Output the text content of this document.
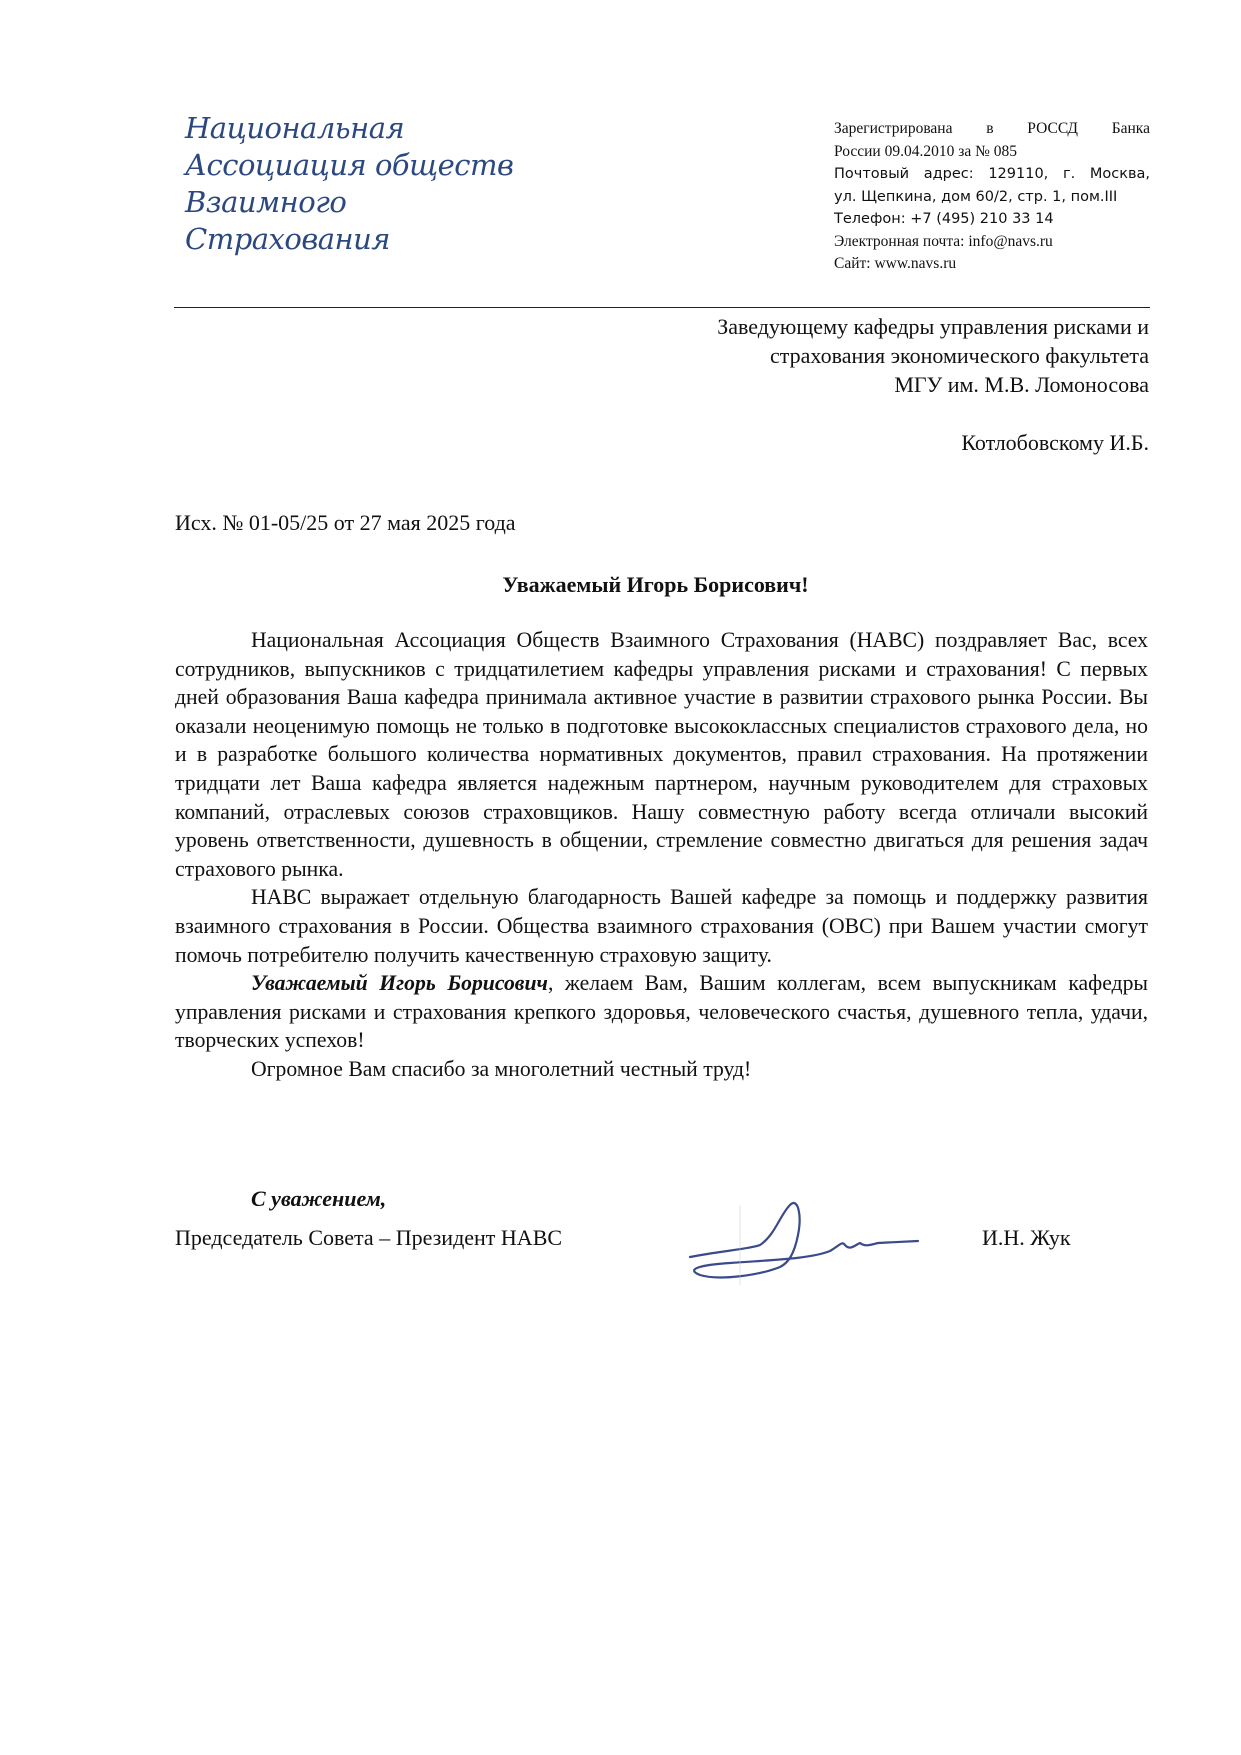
Национальная
Ассоциация обществ
Взаимного
Страхования
Зарегистрирована в РОССД Банка
России 09.04.2010 за № 085
Почтовый адрес: 129110, г. Москва,
ул. Щепкина, дом 60/2, стр. 1, пом.III
Телефон: +7 (495) 210 33 14
Электронная почта: info@navs.ru
Сайт: www.navs.ru
Заведующему кафедры управления рисками и
страхования экономического факультета
МГУ им. М.В. Ломоносова
Котлобовскому И.Б.
Исх. № 01-05/25 от 27 мая 2025 года
Уважаемый Игорь Борисович!

Национальная Ассоциация Обществ Взаимного Страхования (НАВС) поздравляет Вас, всех сотрудников, выпускников с тридцатилетием кафедры управления рисками и страхования! С первых дней образования Ваша кафедра принимала активное участие в развитии страхового рынка России. Вы оказали неоценимую помощь не только в подготовке высококлассных специалистов страхового дела, но и в разработке большого количества нормативных документов, правил страхования. На протяжении тридцати лет Ваша кафедра является надежным партнером, научным руководителем для страховых компаний, отраслевых союзов страховщиков. Нашу совместную работу всегда отличали высокий уровень ответственности, душевность в общении, стремление совместно двигаться для решения задач страхового рынка.

НАВС выражает отдельную благодарность Вашей кафедре за помощь и поддержку развития взаимного страхования в России. Общества взаимного страхования (ОВС) при Вашем участии смогут помочь потребителю получить качественную страховую защиту.

Уважаемый Игорь Борисович, желаем Вам, Вашим коллегам, всем выпускникам кафедры управления рисками и страхования крепкого здоровья, человеческого счастья, душевного тепла, удачи, творческих успехов!

Огромное Вам спасибо за многолетний честный труд!

С уважением,
Председатель Совета – Президент НАВС	И.Н. Жук
